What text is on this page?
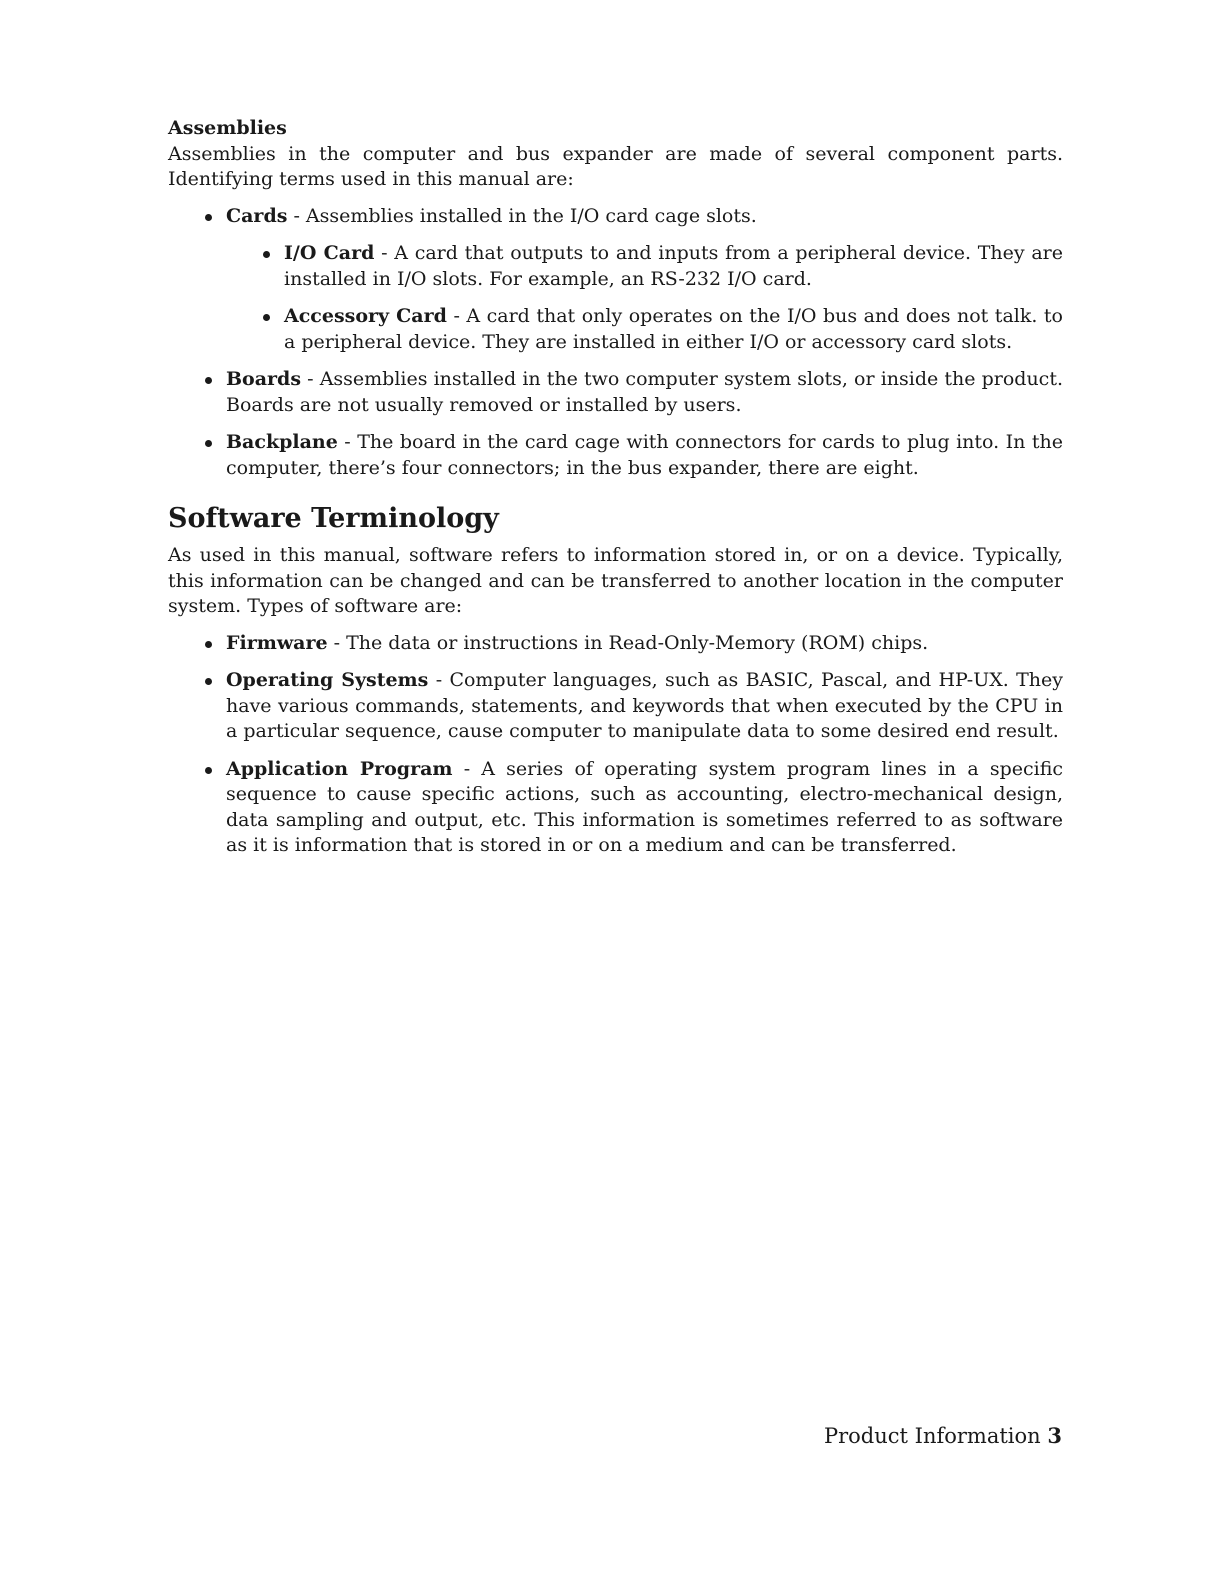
Assemblies

Assemblies in the computer and bus expander are made of several component parts. Identifying terms used in this manual are:

Cards - Assemblies installed in the I/O card cage slots.
I/O Card - A card that outputs to and inputs from a peripheral device. They are installed in I/O slots. For example, an RS-232 I/O card.
Accessory Card - A card that only operates on the I/O bus and does not talk. to a peripheral device. They are installed in either I/O or accessory card slots.
Boards - Assemblies installed in the two computer system slots, or inside the product. Boards are not usually removed or installed by users.
Backplane - The board in the card cage with connectors for cards to plug into. In the computer, there’s four connectors; in the bus expander, there are eight.
Software Terminology

As used in this manual, software refers to information stored in, or on a device. Typically, this information can be changed and can be transferred to another location in the computer system. Types of software are:

Firmware - The data or instructions in Read-Only-Memory (ROM) chips.
Operating Systems - Computer languages, such as BASIC, Pascal, and HP-UX. They have various commands, statements, and keywords that when executed by the CPU in a particular sequence, cause computer to manipulate data to some desired end result.
Application Program - A series of operating system program lines in a specific sequence to cause specific actions, such as accounting, electro-mechanical design, data sampling and output, etc. This information is sometimes referred to as software as it is information that is stored in or on a medium and can be transferred.
Product Information 3
